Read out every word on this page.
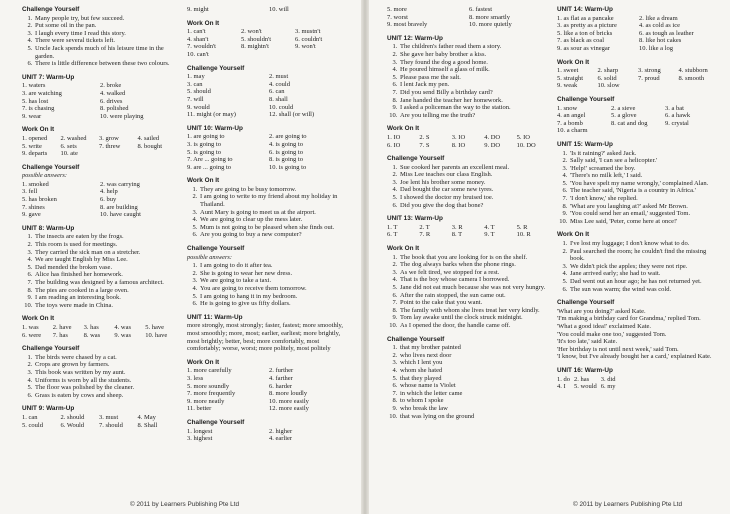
Challenge Yourself
1. Many people try, but few succeed.
2. Put some oil in the pan.
3. I laugh every time I read this story.
4. There were several tickets left.
5. Uncle Jack spends much of his leisure time in the garden.
6. There is little difference between these two colours.
UNIT 7: Warm-Up
1. waters	2. broke
3. are watching	4. walked
5. has lost	6. drives
7. is chasing	8. polished
9. wear	10. were playing
Work On It
1. opened	2. washed	3. grow	4. sailed
5. write	6. sets	7. threw	8. bought
9. departs	10. ate
Challenge Yourself
possible answers:
1. smoked	2. was carrying
3. fell	4. help
5. has broken	6. buy
7. shines	8. are building
9. gave	10. have caught
UNIT 8: Warm-Up
1. The insects are eaten by the frogs.
2. This room is used for meetings.
3. They carried the sick man on a stretcher.
4. We are taught English by Miss Lee.
5. Dad mended the broken vase.
6. Alice has finished her homework.
7. The building was designed by a famous architect.
8. The pies are cooked in a large oven.
9. I am reading an interesting book.
10. The toys were made in China.
Work On It
1. was	2. have	3. has	4. was	5. have
6. were	7. has	8. was	9. was	10. have
Challenge Yourself
1. The birds were chased by a cat.
2. Crops are grown by farmers.
3. This book was written by my aunt.
4. Uniforms is worn by all the students.
5. The floor was polished by the cleaner.
6. Grass is eaten by cows and sheep.
UNIT 9: Warm-Up
1. can	2. should	3. must	4. May
5. could	6. Would	7. should	8. Shall
9. might	10. will
Work On It
1. can't	2. won't	3. mustn't
4. shan't	5. shouldn't	6. couldn't
7. wouldn't	8. mightn't	9. won't
10. can't
Challenge Yourself
1. may	2. must
3. can	4. could
5. should	6. can
7. will	8. shall
9. would	10. could
11. might (or may)	12. shall (or will)
UNIT 10: Warm-Up
1. are going to	2. are going to
3. is going to	4. is going to
5. is going to	6. is going to
7. Are ... going to	8. is going to
9. are ... going to	10. is going to
Work On It
1. They are going to be busy tomorrow.
2. I am going to write to my friend about my holiday in Thailand.
3. Aunt Mary is going to meet us at the airport.
4. We are going to clear up the mess later.
5. Mum is not going to be pleased when she finds out.
6. Are you going to buy a new computer?
Challenge Yourself
possible answers:
1. I am going to do it after tea.
2. She is going to wear her new dress.
3. We are going to take a taxi.
4. You are going to receive them tomorrow.
5. I am going to hang it in my bedroom.
6. He is going to give us fifty dollars.
UNIT 11: Warm-Up

more strongly, most strongly; faster, fastest; more smoothly, most smoothly; more, most; earlier, earliest; more brightly, most brightly; better, best; more comfortably, most comfortably; worse, worst; more politely, most politely

Work On It
1. more carefully	2. further
3. less	4. farther
5. more soundly	6. harder
7. more frequently	8. more loudly
9. more neatly	10. more easily
11. better	12. more easily
Challenge Yourself
1. longest	2. higher
3. highest	4. earlier
© 2011 by Learners Publishing Pte Ltd
5. more	6. fastest
7. worst	8. more smartly
9. most bravely	10. more quietly
UNIT 12: Warm-Up
1. The children's father read them a story.
2. She gave her baby brother a kiss.
3. They found the dog a good home.
4. He poured himself a glass of milk.
5. Please pass me the salt.
6. I lent Jack my pen.
7. Did you send Billy a birthday card?
8. Jane handed the teacher her homework.
9. I asked a policeman the way to the station.
10. Are you telling me the truth?
Work On It
1. IO	2. S	3. IO	4. DO	5. IO
6. IO	7. S	8. IO	9. DO	10. DO
Challenge Yourself
1. Sue cooked her parents an excellent meal.
2. Miss Lee teaches our class English.
3. Joe lent his brother some money.
4. Dad bought the car some new tyres.
5. I showed the doctor my bruised toe.
6. Did you give the dog that bone?
UNIT 13: Warm-Up
1. T	2. T	3. R	4. T	5. R
6. T	7. R	8. T	9. T	10. R
Work On It
1. The book that you are looking for is on the shelf.
2. The dog always barks when the phone rings.
3. As we felt tired, we stopped for a rest.
4. That is the boy whose camera I borrowed.
5. Jane did not eat much because she was not very hungry.
6. After the rain stopped, the sun came out.
7. Point to the cake that you want.
8. The family with whom she lives treat her very kindly.
9. Tom lay awake until the clock struck midnight.
10. As I opened the door, the handle came off.
Challenge Yourself
1. that my brother painted
2. who lives next door
3. which I lent you
4. whom she hated
5. that they played
6. whose name is Violet
7. in which the letter came
8. to whom I spoke
9. who break the law
10. that was lying on the ground
UNIT 14: Warm-Up
1. as flat as a pancake	2. like a dream
3. as pretty as a picture	4. as cold as ice
5. like a ton of bricks	6. as tough as leather
7. as black as coal	8. like hot cakes
9. as sour as vinegar	10. like a log
Work On It
1. sweet	2. sharp	3. strong	4. stubborn
5. straight	6. solid	7. proud	8. smooth
9. weak	10. slow
Challenge Yourself
1. snow	2. a sieve	3. a bat
4. an angel	5. a glove	6. a hawk
7. a bomb	8. cat and dog	9. crystal
10. a charm
UNIT 15: Warm-Up
1. 'Is it raining?' asked Jack.
2. Sally said, 'I can see a helicopter.'
3. 'Help!' screamed the boy.
4. 'There's no milk left,' I said.
5. 'You have spelt my name wrongly,' complained Alan.
6. The teacher said, 'Nigeria is a country in Africa.'
7. 'I don't know,' she replied.
8. 'What are you laughing at?' asked Mr Brown.
9. 'You could send her an email,' suggested Tom.
10. Miss Lee said, 'Peter, come here at once!'
Work On It
1. I've lost my luggage; I don't know what to do.
2. Paul searched the room; he couldn't find the missing book.
3. We didn't pick the apples; they were not ripe.
4. Jane arrived early; she had to wait.
5. Dad went out an hour ago; he has not returned yet.
6. The sun was warm; the wind was cold.
Challenge Yourself
'What are you doing?' asked Kate.
'I'm making a birthday card for Grandma,' replied Tom.
'What a good idea!' exclaimed Kate.
'You could make one too,' suggested Tom.
'It's too late,' said Kate.
'Her birthday is not until next week,' said Tom.
'I know, but I've already bought her a card,' explained Kate.
UNIT 16: Warm-Up
1. do 2. has	3. did
4. I	5. would 6. my
© 2011 by Learners Publishing Pte Ltd
